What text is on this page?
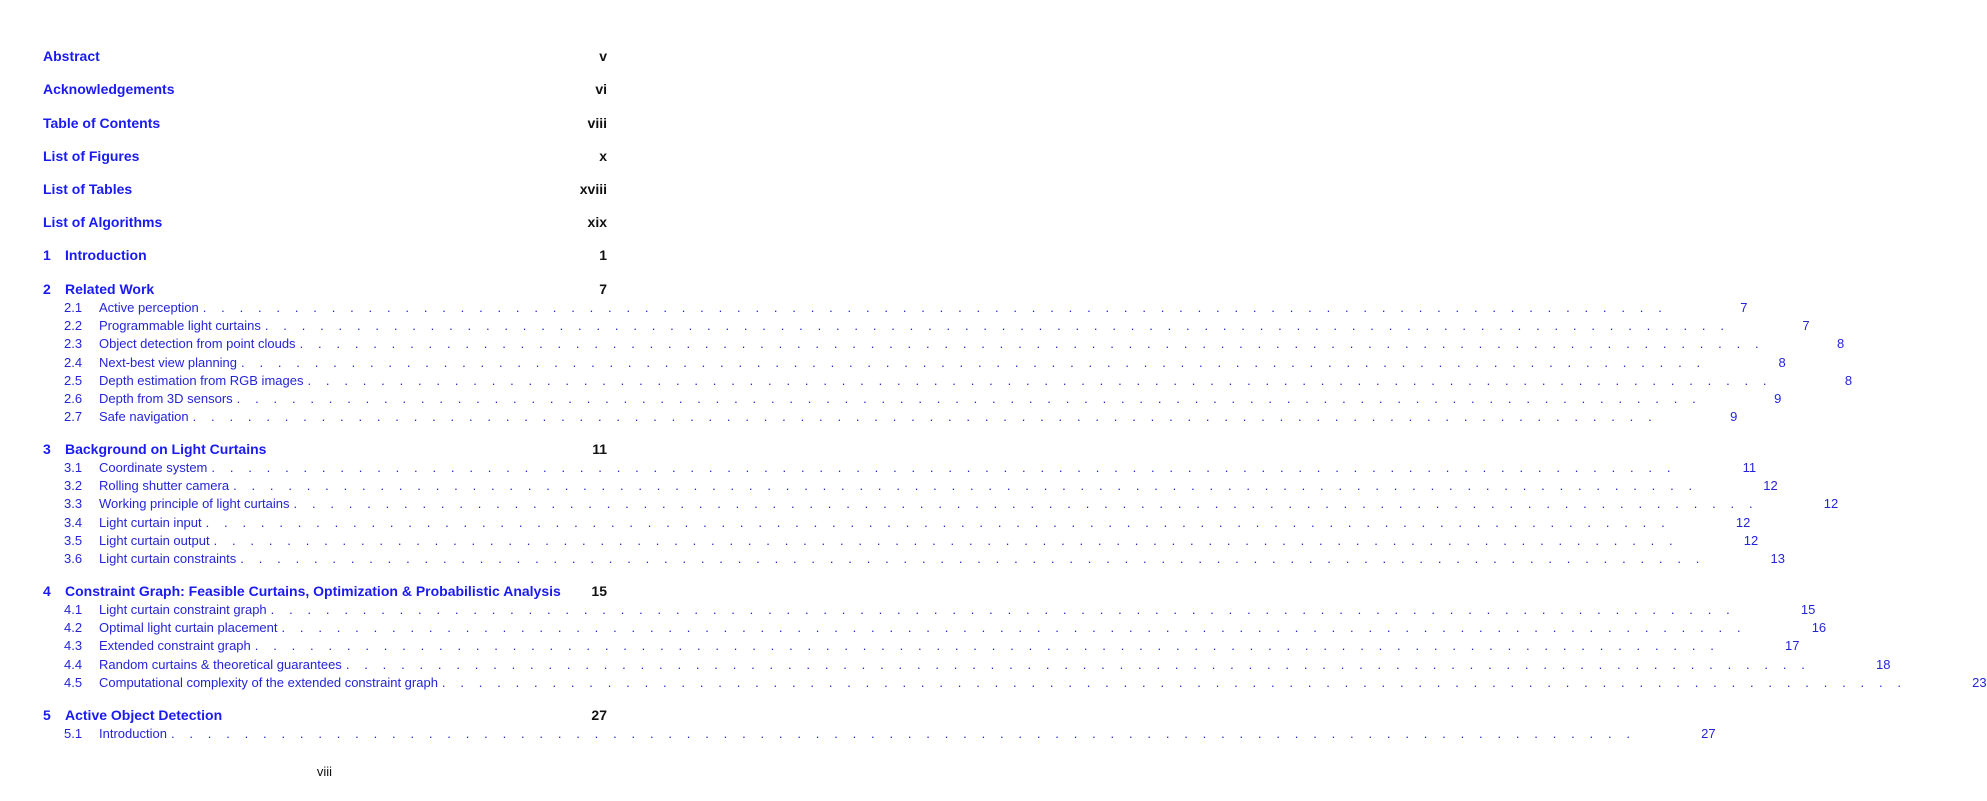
Abstract	v
Acknowledgements	vi
Table of Contents	viii
List of Figures	x
List of Tables	xviii
List of Algorithms	xix
1	Introduction	1
2	Related Work	7
2.1	Active perception . . . . . . . . . . . . . . . . . . . . . . . . . . . . . . . . . . . . . . . . . . . . . . . . . . . . . . . . . . . . . . . . . . . . . . . . . . . . . . . .	7
2.2	Programmable light curtains . . . . . . . . . . . . . . . . . . . . . . . . . . . . . . . . . . . . . . . . . . . . . . . . . . . . . . . . . . . . . . . . . . . . . . . . . . . . . . . .	7
2.3	Object detection from point clouds . . . . . . . . . . . . . . . . . . . . . . . . . . . . . . . . . . . . . . . . . . . . . . . . . . . . . . . . . . . . . . . . . . . . . . . . . . . . . . . .	8
2.4	Next-best view planning . . . . . . . . . . . . . . . . . . . . . . . . . . . . . . . . . . . . . . . . . . . . . . . . . . . . . . . . . . . . . . . . . . . . . . . . . . . . . . . .	8
2.5	Depth estimation from RGB images . . . . . . . . . . . . . . . . . . . . . . . . . . . . . . . . . . . . . . . . . . . . . . . . . . . . . . . . . . . . . . . . . . . . . . . . . . . . . . . .	8
2.6	Depth from 3D sensors . . . . . . . . . . . . . . . . . . . . . . . . . . . . . . . . . . . . . . . . . . . . . . . . . . . . . . . . . . . . . . . . . . . . . . . . . . . . . . . .	9
2.7	Safe navigation . . . . . . . . . . . . . . . . . . . . . . . . . . . . . . . . . . . . . . . . . . . . . . . . . . . . . . . . . . . . . . . . . . . . . . . . . . . . . . . .	9
3	Background on Light Curtains	11
3.1	Coordinate system . . . . . . . . . . . . . . . . . . . . . . . . . . . . . . . . . . . . . . . . . . . . . . . . . . . . . . . . . . . . . . . . . . . . . . . . . . . . . . . .	11
3.2	Rolling shutter camera . . . . . . . . . . . . . . . . . . . . . . . . . . . . . . . . . . . . . . . . . . . . . . . . . . . . . . . . . . . . . . . . . . . . . . . . . . . . . . . .	12
3.3	Working principle of light curtains . . . . . . . . . . . . . . . . . . . . . . . . . . . . . . . . . . . . . . . . . . . . . . . . . . . . . . . . . . . . . . . . . . . . . . . . . . . . . . . .	12
3.4	Light curtain input . . . . . . . . . . . . . . . . . . . . . . . . . . . . . . . . . . . . . . . . . . . . . . . . . . . . . . . . . . . . . . . . . . . . . . . . . . . . . . . .	12
3.5	Light curtain output . . . . . . . . . . . . . . . . . . . . . . . . . . . . . . . . . . . . . . . . . . . . . . . . . . . . . . . . . . . . . . . . . . . . . . . . . . . . . . . .	12
3.6	Light curtain constraints . . . . . . . . . . . . . . . . . . . . . . . . . . . . . . . . . . . . . . . . . . . . . . . . . . . . . . . . . . . . . . . . . . . . . . . . . . . . . . . .	13
4	Constraint Graph: Feasible Curtains, Optimization & Probabilistic Analysis 15
4.1	Light curtain constraint graph . . . . . . . . . . . . . . . . . . . . . . . . . . . . . . . . . . . . . . . . . . . . . . . . . . . . . . . . . . . . . . . . . . . . . . . . . . . . . . . .	15
4.2	Optimal light curtain placement . . . . . . . . . . . . . . . . . . . . . . . . . . . . . . . . . . . . . . . . . . . . . . . . . . . . . . . . . . . . . . . . . . . . . . . . . . . . . . . .	16
4.3	Extended constraint graph . . . . . . . . . . . . . . . . . . . . . . . . . . . . . . . . . . . . . . . . . . . . . . . . . . . . . . . . . . . . . . . . . . . . . . . . . . . . . . . .	17
4.4	Random curtains & theoretical guarantees . . . . . . . . . . . . . . . . . . . . . . . . . . . . . . . . . . . . . . . . . . . . . . . . . . . . . . . . . . . . . . . . . . . . . . . . . . . . . . . .	18
4.5	Computational complexity of the extended constraint graph . . . . . . . . . . . . . . . . . . . . . . . . . . . . . . . . . . . . . . . . . . . . . . . . . . . . . . . . . . . . . . . . . . . . . . . . . . . . . . . .	23
5	Active Object Detection	27
5.1	Introduction . . . . . . . . . . . . . . . . . . . . . . . . . . . . . . . . . . . . . . . . . . . . . . . . . . . . . . . . . . . . . . . . . . . . . . . . . . . . . . . .	27
viii
